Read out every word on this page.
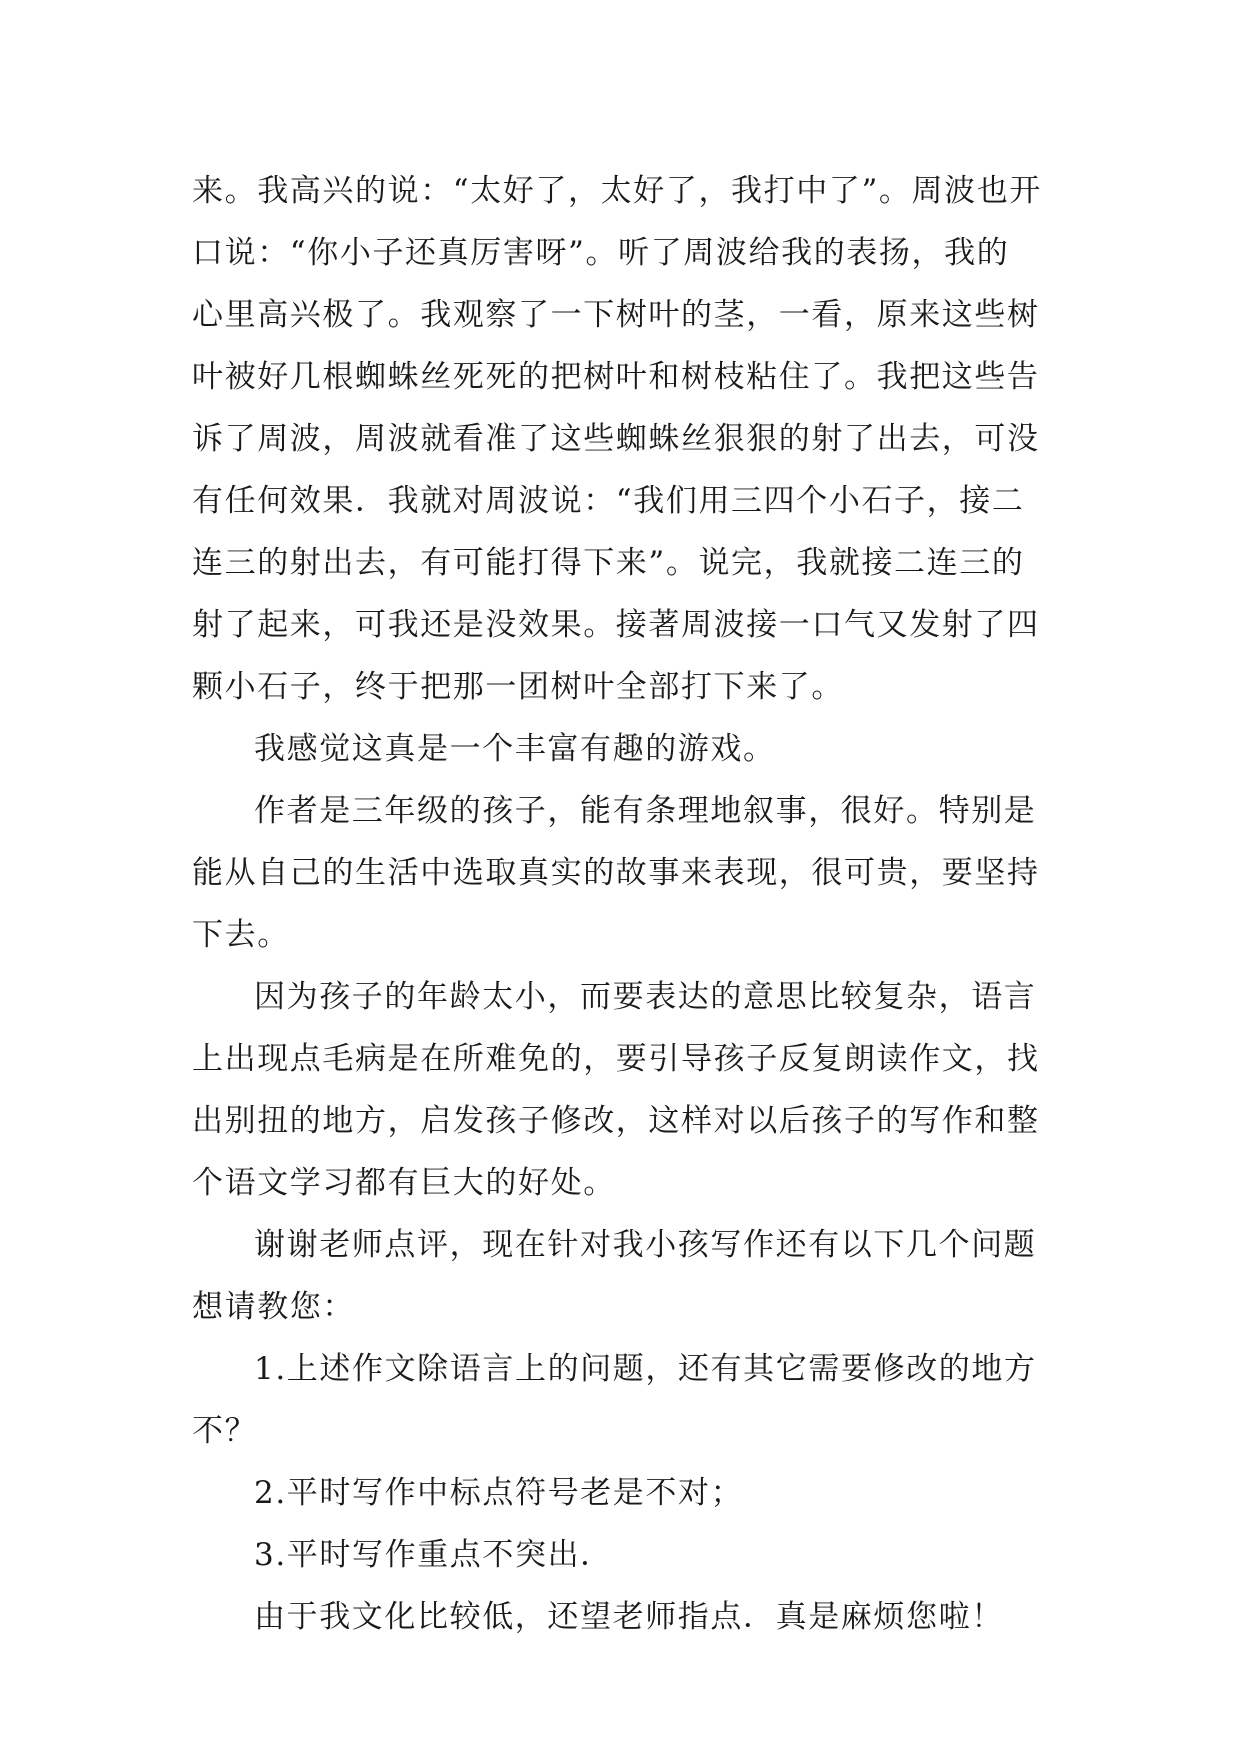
来。我高兴的说：“太好了，太好了，我打中了”。周波也开
口说：“你小子还真厉害呀”。听了周波给我的表扬，我的
心里高兴极了。我观察了一下树叶的茎，一看，原来这些树
叶被好几根蜘蛛丝死死的把树叶和树枝粘住了。我把这些告
诉了周波，周波就看准了这些蜘蛛丝狠狠的射了出去，可没
有任何效果．我就对周波说：“我们用三四个小石子，接二
连三的射出去，有可能打得下来”。说完，我就接二连三的
射了起来，可我还是没效果。接著周波接一口气又发射了四
颗小石子，终于把那一团树叶全部打下来了。

我感觉这真是一个丰富有趣的游戏。

作者是三年级的孩子，能有条理地叙事，很好。特别是
能从自己的生活中选取真实的故事来表现，很可贵，要坚持
下去。

因为孩子的年龄太小，而要表达的意思比较复杂，语言
上出现点毛病是在所难免的，要引导孩子反复朗读作文，找
出别扭的地方，启发孩子修改，这样对以后孩子的写作和整
个语文学习都有巨大的好处。

谢谢老师点评，现在针对我小孩写作还有以下几个问题
想请教您：

1.上述作文除语言上的问题，还有其它需要修改的地方
不？

2.平时写作中标点符号老是不对；

3.平时写作重点不突出．

由于我文化比较低，还望老师指点．真是麻烦您啦！
